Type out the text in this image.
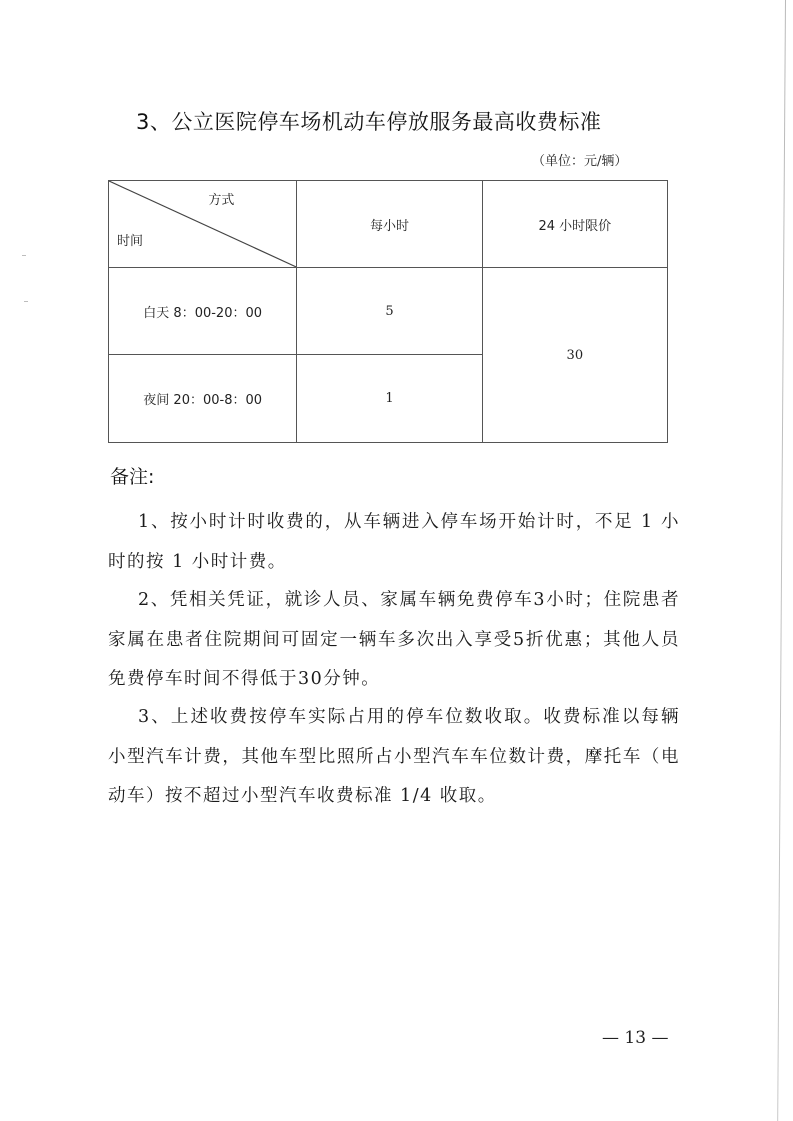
3、公立医院停车场机动车停放服务最高收费标准
（单位：元/辆）
方式
时间	每小时	24 小时限价
白天 8：00-20：00	5	30
夜间 20：00-8：00	1	
备注:
1、按小时计时收费的，从车辆进入停车场开始计时，不足 1 小时的按 1 小时计费。
2、凭相关凭证，就诊人员、家属车辆免费停车3小时；住院患者家属在患者住院期间可固定一辆车多次出入享受5折优惠；其他人员免费停车时间不得低于30分钟。
3、上述收费按停车实际占用的停车位数收取。收费标准以每辆小型汽车计费，其他车型比照所占小型汽车车位数计费，摩托车（电动车）按不超过小型汽车收费标准 1/4 收取。
— 13 —
